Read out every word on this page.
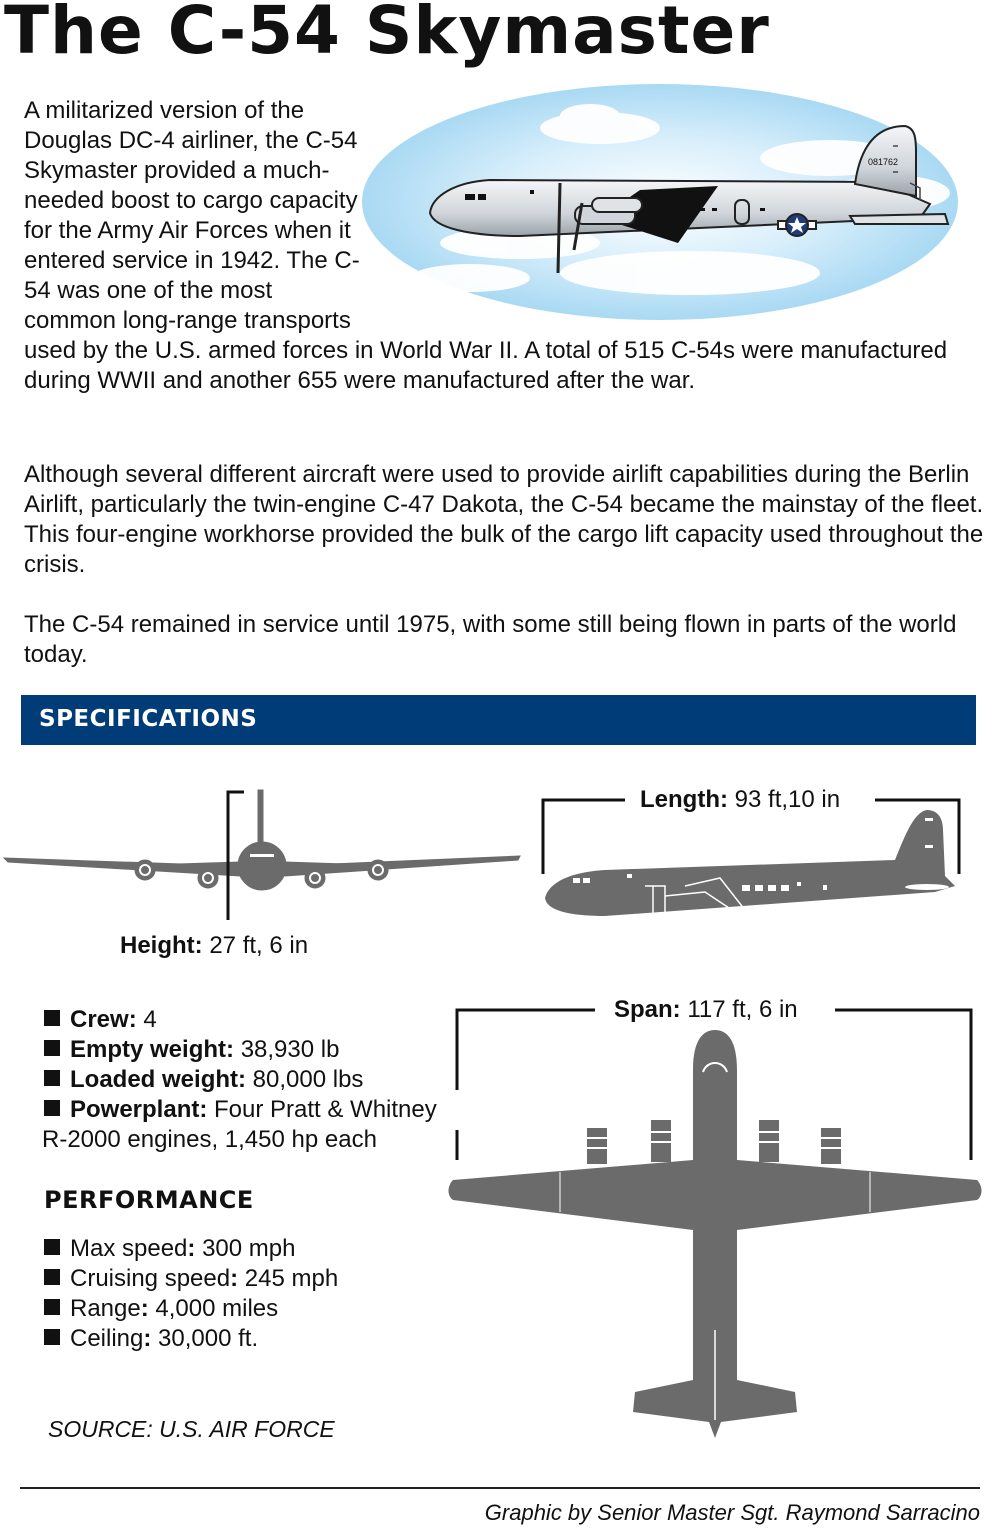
The C-54 Skymaster
081762

A militarized version of the Douglas DC-4 airliner, the C-54 Skymaster provided a much-needed boost to cargo capacity for the Army Air Forces when it entered service in 1942. The C-54 was one of the most common long-range transports used by the U.S. armed forces in World War II. A total of 515 C-54s were manufactured during WWII and another 655 were manufactured after the war.

Although several different aircraft were used to provide airlift capabilities during the Berlin Airlift, particularly the twin-engine C-47 Dakota, the C-54 became the mainstay of the fleet. This four-engine workhorse provided the bulk of the cargo lift capacity used throughout the crisis.

The C-54 remained in service until 1975, with some still being flown in parts of the world today.

SPECIFICATIONS
Height: 27 ft, 6 in
Length: 93 ft,10 in
Span: 117 ft, 6 in
Crew: 4
Empty weight: 38,930 lb
Loaded weight: 80,000 lbs
Powerplant: Four Pratt & Whitney
R-2000 engines, 1,450 hp each
PERFORMANCE
Max speed: 300 mph
Cruising speed: 245 mph
Range: 4,000 miles
Ceiling: 30,000 ft.
SOURCE: U.S. AIR FORCE
Graphic by Senior Master Sgt. Raymond Sarracino
